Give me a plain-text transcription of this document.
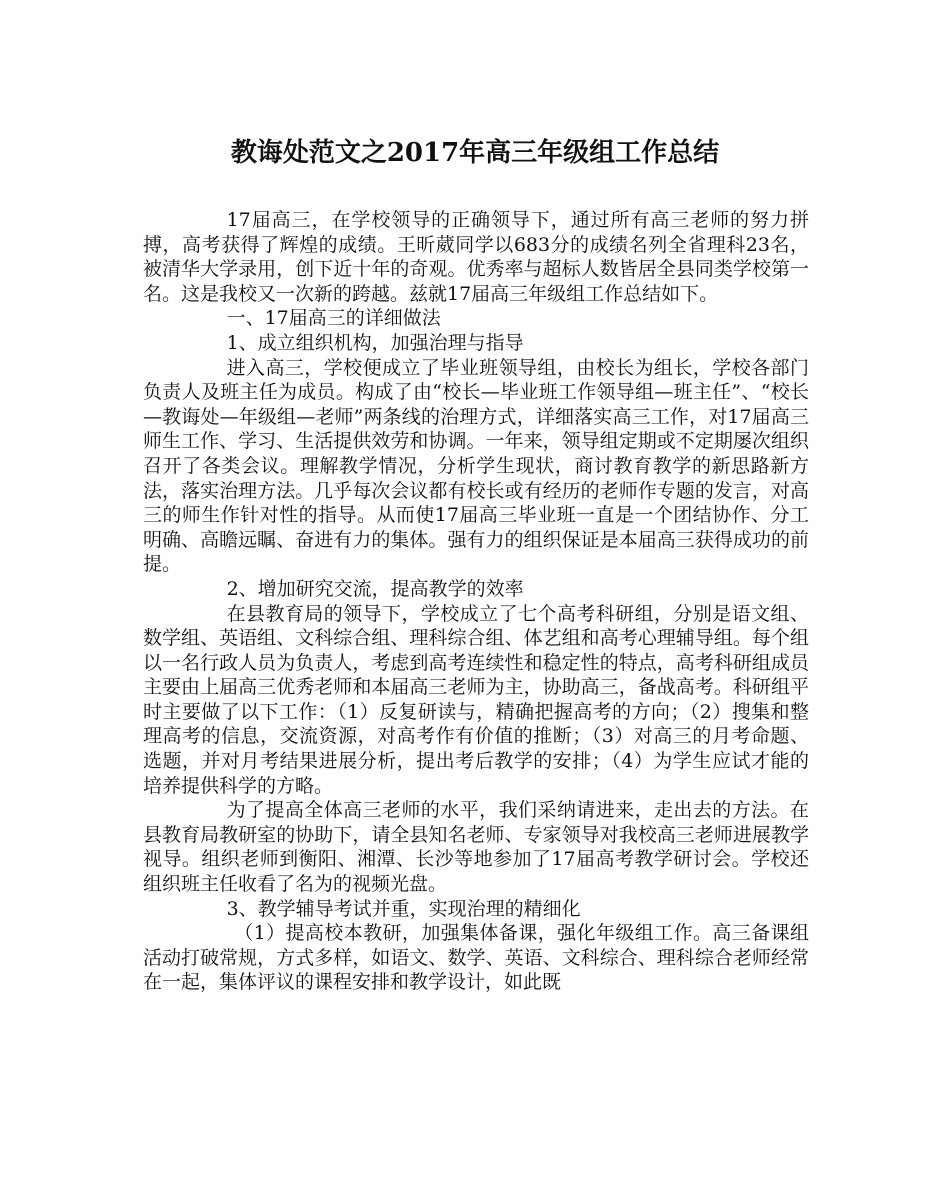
教诲处范文之2017年高三年级组工作总结

17届高三，在学校领导的正确领导下，通过所有高三老师的努力拼搏，高考获得了辉煌的成绩。王昕葳同学以683分的成绩名列全省理科23名，被清华大学录用，创下近十年的奇观。优秀率与超标人数皆居全县同类学校第一名。这是我校又一次新的跨越。兹就17届高三年级组工作总结如下。

一、17届高三的详细做法

1、成立组织机构，加强治理与指导

进入高三，学校便成立了毕业班领导组，由校长为组长，学校各部门负责人及班主任为成员。构成了由“校长—毕业班工作领导组—班主任”、“校长—教诲处—年级组—老师”两条线的治理方式，详细落实高三工作，对17届高三师生工作、学习、生活提供效劳和协调。一年来，领导组定期或不定期屡次组织召开了各类会议。理解教学情况，分析学生现状，商讨教育教学的新思路新方法，落实治理方法。几乎每次会议都有校长或有经历的老师作专题的发言，对高三的师生作针对性的指导。从而使17届高三毕业班一直是一个团结协作、分工明确、高瞻远瞩、奋进有力的集体。强有力的组织保证是本届高三获得成功的前提。

2、增加研究交流，提高教学的效率

在县教育局的领导下，学校成立了七个高考科研组，分别是语文组、数学组、英语组、文科综合组、理科综合组、体艺组和高考心理辅导组。每个组以一名行政人员为负责人，考虑到高考连续性和稳定性的特点，高考科研组成员主要由上届高三优秀老师和本届高三老师为主，协助高三，备战高考。科研组平时主要做了以下工作：（1）反复研读与，精确把握高考的方向；（2）搜集和整理高考的信息，交流资源，对高考作有价值的推断；（3）对高三的月考命题、选题，并对月考结果进展分析，提出考后教学的安排；（4）为学生应试才能的培养提供科学的方略。

为了提高全体高三老师的水平，我们采纳请进来，走出去的方法。在县教育局教研室的协助下，请全县知名老师、专家领导对我校高三老师进展教学视导。组织老师到衡阳、湘潭、长沙等地参加了17届高考教学研讨会。学校还组织班主任收看了名为的视频光盘。

3、教学辅导考试并重，实现治理的精细化

（1）提高校本教研，加强集体备课，强化年级组工作。高三备课组活动打破常规，方式多样，如语文、数学、英语、文科综合、理科综合老师经常在一起，集体评议的课程安排和教学设计，如此既
